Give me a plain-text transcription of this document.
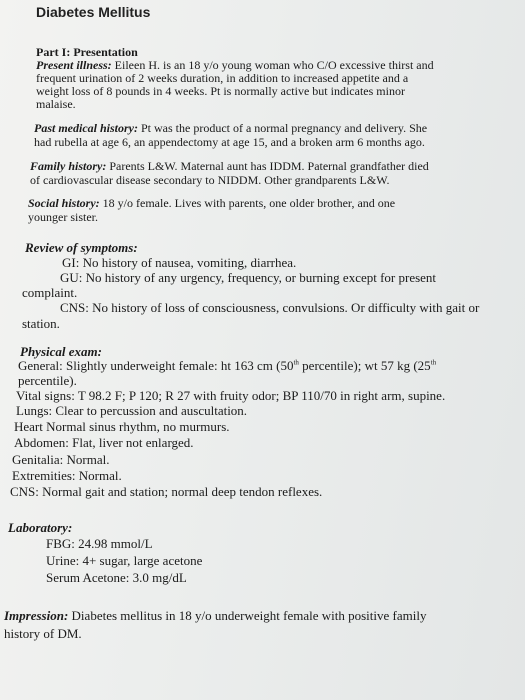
Diabetes Mellitus
Part I: Presentation
Present illness: Eileen H. is an 18 y/o young woman who C/O excessive thirst and
frequent urination of 2 weeks duration, in addition to increased appetite and a
weight loss of 8 pounds in 4 weeks. Pt is normally active but indicates minor
malaise.
Past medical history: Pt was the product of a normal pregnancy and delivery. She
had rubella at age 6, an appendectomy at age 15, and a broken arm 6 months ago.
Family history: Parents L&W. Maternal aunt has IDDM. Paternal grandfather died
of cardiovascular disease secondary to NIDDM. Other grandparents L&W.
Social history: 18 y/o female. Lives with parents, one older brother, and one
younger sister.
Review of symptoms:
GI: No history of nausea, vomiting, diarrhea.
GU: No history of any urgency, frequency, or burning except for present
complaint.
CNS: No history of loss of consciousness, convulsions. Or difficulty with gait or
station.
Physical exam:
General: Slightly underweight female: ht 163 cm (50th percentile); wt 57 kg (25th
percentile).
Vital signs: T 98.2 F; P 120; R 27 with fruity odor; BP 110/70 in right arm, supine.
Lungs: Clear to percussion and auscultation.
Heart Normal sinus rhythm, no murmurs.
Abdomen: Flat, liver not enlarged.
Genitalia: Normal.
Extremities: Normal.
CNS: Normal gait and station; normal deep tendon reflexes.
Laboratory:
FBG: 24.98 mmol/L
Urine: 4+ sugar, large acetone
Serum Acetone: 3.0 mg/dL
Impression: Diabetes mellitus in 18 y/o underweight female with positive family
history of DM.
